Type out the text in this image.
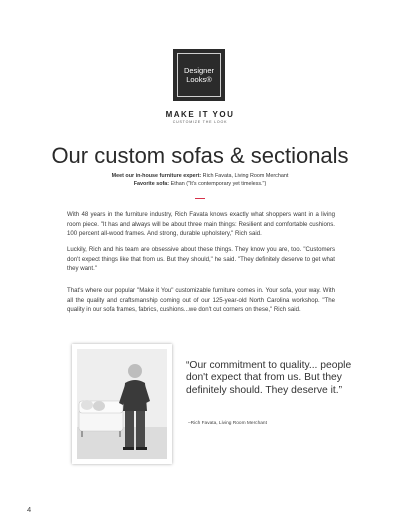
Designer
Looks®
MAKE IT YOU
CUSTOMIZE THE LOOK
Our custom sofas & sectionals
Meet our in-house furniture expert: Rich Favata, Living Room Merchant
Favorite sofa: Ethan ("It's contemporary yet timeless.")

With 48 years in the furniture industry, Rich Favata knows exactly what shoppers want in a living room piece. "It has and always will be about three main things: Resilient and comfortable cushions. 100 percent all-wood frames. And strong, durable upholstery," Rich said.

Luckily, Rich and his team are obsessive about these things. They know you are, too. "Customers don't expect things like that from us. But they should," he said. "They definitely deserve to get what they want."

That's where our popular "Make it You" customizable furniture comes in. Your sofa, your way. With all the quality and craftsmanship coming out of our 125-year-old North Carolina workshop. "The quality in our sofa frames, fabrics, cushions...we don't cut corners on these," Rich said.

“Our commitment to quality... people don't expect that from us. But they definitely should. They deserve it.”

–Rich Favata, Living Room Merchant
4
